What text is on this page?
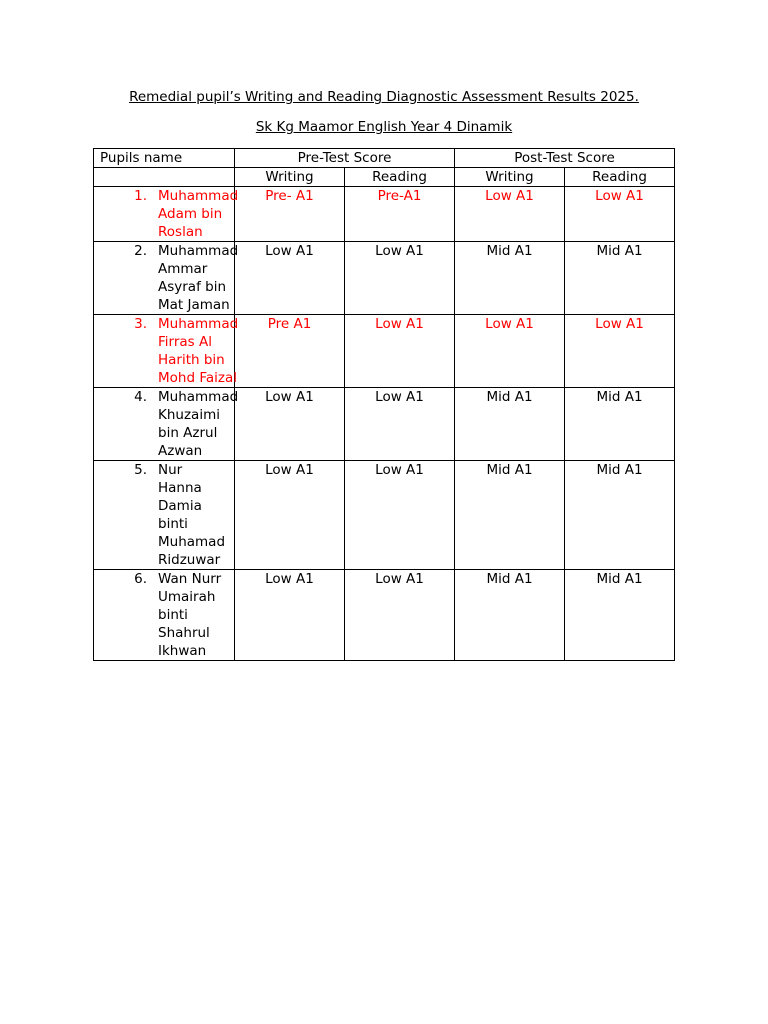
Remedial pupil’s Writing and Reading Diagnostic Assessment Results 2025.
Sk Kg Maamor English Year 4 Dinamik
Pupils name	Pre-Test Score		Post-Test Score	
	Writing	Reading	Writing	Reading

1. Muhammad Adam bin Roslan	Pre- A1	Pre-A1	Low A1	Low A1

2. Muhammad Ammar Asyraf bin Mat Jaman	Low A1	Low A1	Mid A1	Mid A1

3. Muhammad Firras Al Harith bin Mohd Faizal	Pre A1	Low A1	Low A1	Low A1

4. Muhammad Khuzaimi bin Azrul Azwan	Low A1	Low A1	Mid A1	Mid A1

5. Nur Hanna Damia binti Muhamad Ridzuwar	Low A1	Low A1	Mid A1	Mid A1

6. Wan Nurr Umairah binti Shahrul Ikhwan	Low A1	Low A1	Mid A1	Mid A1
